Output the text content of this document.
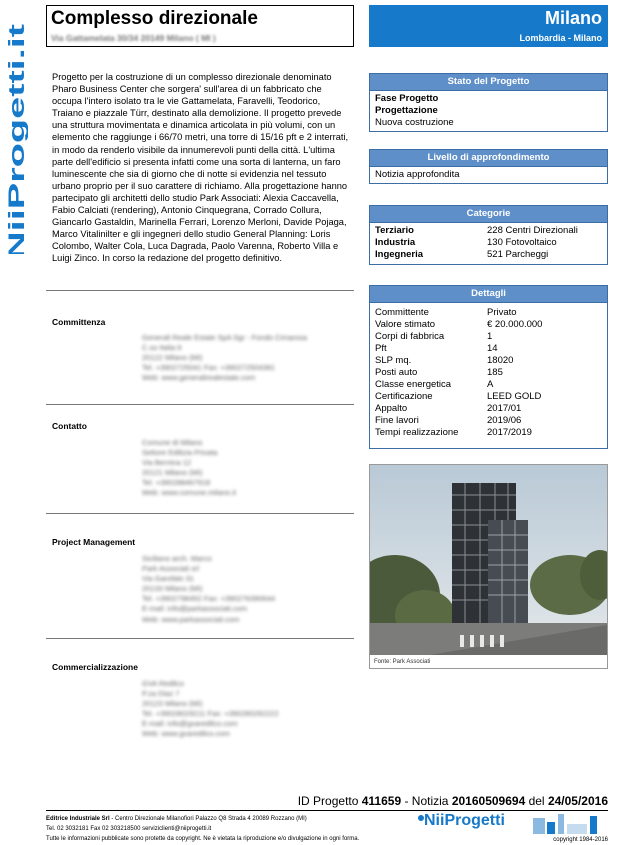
NiiProgetti.it
Complesso direzionale
Via Gattamelata 30/34 20149 Milano ( MI )
Milano
Lombardia - Milano
Progetto per la costruzione di un complesso direzionale denominato Pharo Business Center che sorgera' sull'area di un fabbricato che occupa l'intero isolato tra le vie Gattamelata, Faravelli, Teodorico, Traiano e piazzale Türr, destinato alla demolizione. Il progetto prevede una struttura movimentata e dinamica articolata in più volumi, con un elemento che raggiunge i 66/70 metri, una torre di 15/16 pft e 2 interrati, in modo da renderlo visibile da innumerevoli punti della città. L'ultima parte dell'edificio si presenta infatti come una sorta di lanterna, un faro luminescente che sia di giorno che di notte si evidenzia nel tessuto urbano proprio per il suo carattere di richiamo. Alla progettazione hanno partecipato gli architetti dello studio Park Associati: Alexia Caccavella, Fabio Calciati (rendering), Antonio Cinquegrana, Corrado Collura, Giancarlo Gastaldin, Marinella Ferrari, Lorenzo Merloni, Davide Pojaga, Marco Vitalinilter e gli ingegneri dello studio General Planning: Loris Colombo, Walter Cola, Luca Dagrada, Paolo Varenna, Roberto Villa e Luigi Zinco. In corso la redazione del progetto definitivo.
Committenza
Generali Reale Estate SpA Sgr - Fondo Cimarosa
C.so Italia 6
20122 Milano (MI)
Tel. +3902725041 Fax: +390272504381
Web: www.generalirealestate.com
Contatto
Comune di Milano
Settore Edilizia Privata
Via Bernina 12
20121 Milano (MI)
Tel. +390288467918
Web: www.comune.milano.it
Project Management
Siciliano arch. Marco
Park Associati srl
Via Garofalo 31
20133 Milano (MI)
Tel. +3902798452 Fax: +390276390644
E-mail: info@parkassociati.com
Web: www.parkassociati.com
Commercializzazione
GVA Redilco
P.za Diaz 7
20123 Milano (MI)
Tel. +39028029211 Fax: +390280292222
E-mail: info@gvaredilco.com
Web: www.gvaredilco.com
Stato del Progetto
Fase Progetto
Progettazione
Nuova costruzione
Livello di approfondimento
Notizia approfondita
Categorie
Terziario	228 Centri Direzionali
Industria	130 Fotovoltaico
Ingegneria	521 Parcheggi
Dettagli
Committente	Privato
Valore stimato	€ 20.000.000
Corpi di fabbrica	1
Pft	14
SLP mq.	18020
Posti auto	185
Classe energetica	A
Certificazione	LEED GOLD
Appalto	2017/01
Fine lavori	2019/06
Tempi realizzazione	2017/2019
Fonte: Park Associati
ID Progetto 411659 - Notizia 20160509694 del 24/05/2016
Editrice Industriale Srl - Centro Direzionale Milanofiori Palazzo Q8 Strada 4 20089 Rozzano (MI)
Tel. 02 3032181 Fax 02 303218500 serviziclienti@niiprogetti.it
Tutte le informazioni pubblicate sono protette da copyright. Ne è vietata la riproduzione e/o divulgazione in ogni forma.
NiiProgetti
copyright 1984-2016
